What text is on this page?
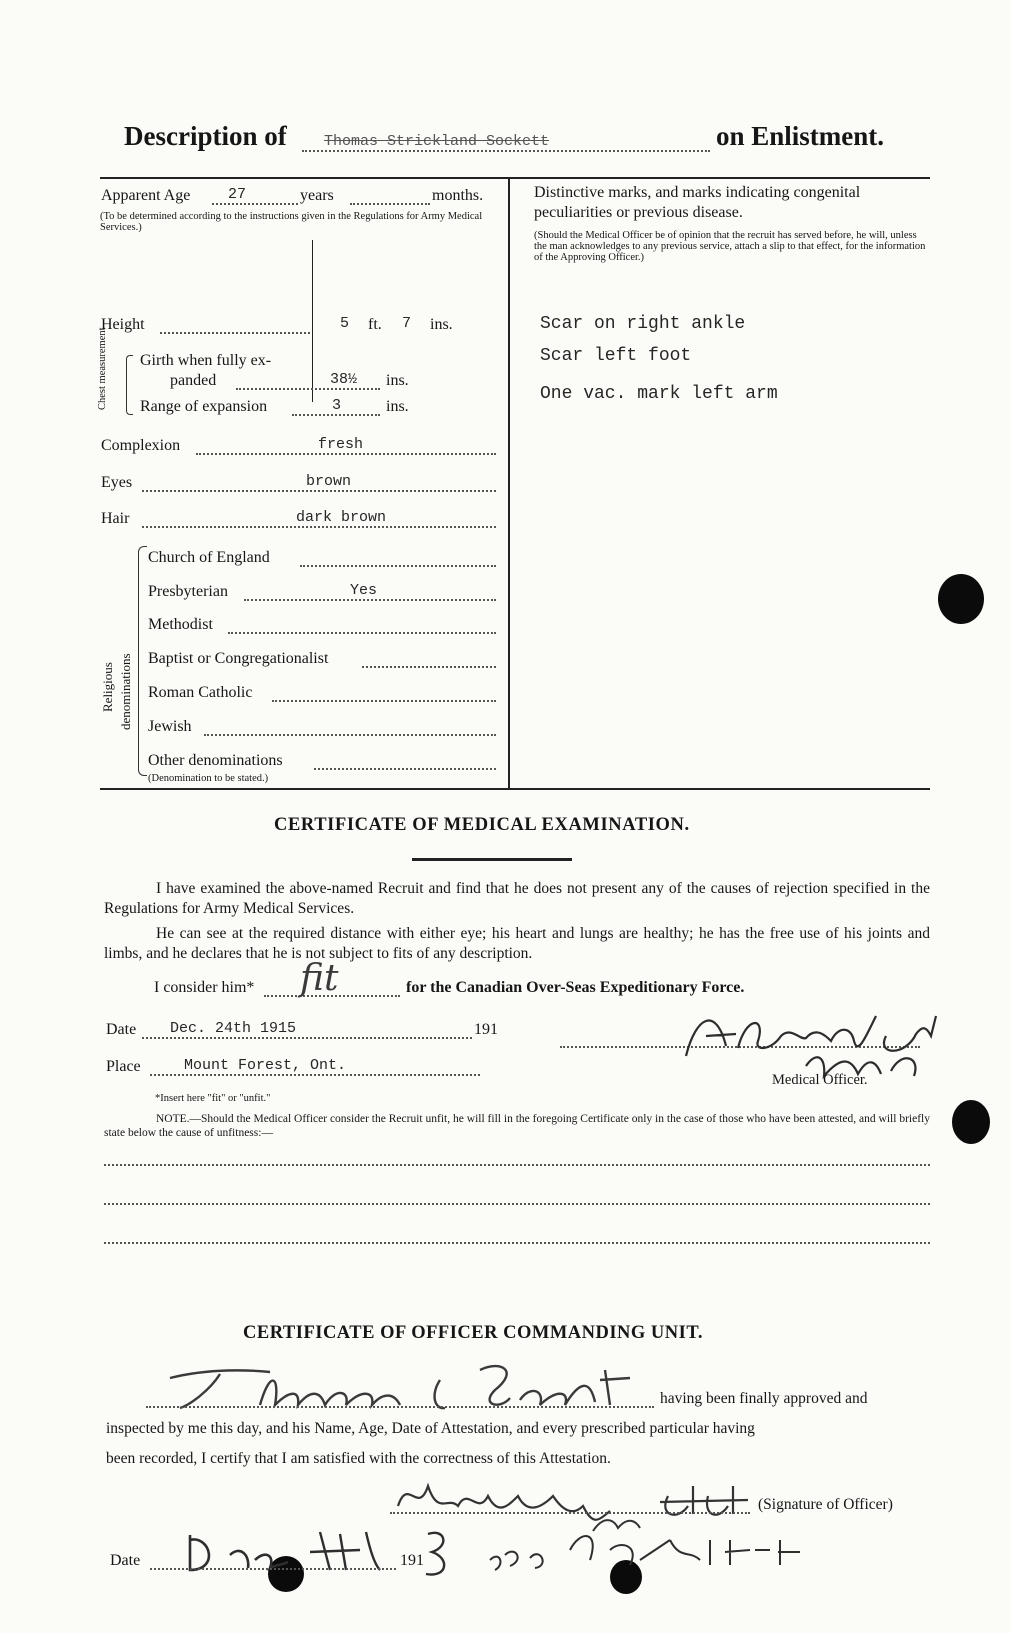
Description of Thomas Strickland Sockett	on Enlistment.
Apparent Age	27	years	months.
(To be determined according to the instructions given in the Regulations for Army Medical Services.)
Height	5 ft. 7 ins.
Chest measurement Girth when fully ex-
panded	38½ ins.
Range of expansion	3	ins.
Complexion	fresh
Eyes	brown
Hair	dark brown
Religious denominations
Church of England
Presbyterian	Yes
Methodist
Baptist or Congregationalist
Roman Catholic
Jewish
Other denominations
(Denomination to be stated.)
Distinctive marks, and marks indicating congenital
peculiarities or previous disease.
(Should the Medical Officer be of opinion that the recruit has served before, he will, unless the man acknowledges to any previous service, attach a slip to that effect, for the information of the Approving Officer.)
Scar on right ankle
Scar left foot
One vac. mark left arm
CERTIFICATE OF MEDICAL EXAMINATION.
I have examined the above-named Recruit and find that he does not present any of the causes of rejection specified in the Regulations for Army Medical Services.
He can see at the required distance with either eye; his heart and lungs are healthy; he has the free use of his joints and limbs, and he declares that he is not subject to fits of any description.
I consider him* fit	for the Canadian Over-Seas Expeditionary Force.
Date Dec. 24th 1915	191
Place	Mount Forest, Ont.
Medical Officer.
*Insert here "fit" or "unfit."
NOTE.—Should the Medical Officer consider the Recruit unfit, he will fill in the foregoing Certificate only in the case of those who have been attested, and will briefly state below the cause of unfitness:—
CERTIFICATE OF OFFICER COMMANDING UNIT.
having been finally approved and
inspected by me this day, and his Name, Age, Date of Attestation, and every prescribed particular having
been recorded, I certify that I am satisfied with the correctness of this Attestation.
(Signature of Officer)
Date	191
